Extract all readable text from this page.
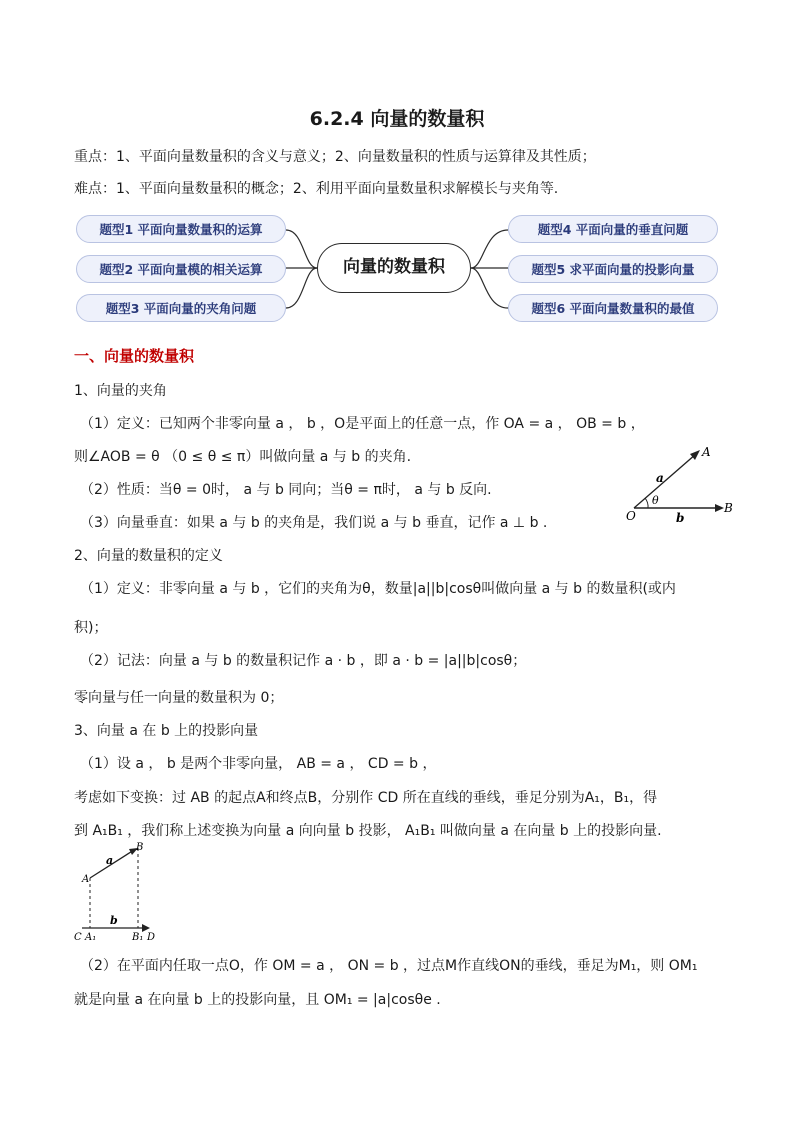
6.2.4 向量的数量积
重点：1、平面向量数量积的含义与意义；2、向量数量积的性质与运算律及其性质；
难点：1、平面向量数量积的概念；2、利用平面向量数量积求解模长与夹角等.
题型1 平面向量数量积的运算
题型2 平面向量模的相关运算
题型3 平面向量的夹角问题
向量的数量积
题型4 平面向量的垂直问题
题型5 求平面向量的投影向量
题型6 平面向量数量积的最值
一、向量的数量积
1、向量的夹角
（1）定义：已知两个非零向量 a ， b ，O是平面上的任意一点，作 OA = a ， OB = b ，
则∠AOB = θ （0 ≤ θ ≤ π）叫做向量 a 与 b 的夹角.
（2）性质：当θ = 0时， a 与 b 同向；当θ = π时， a 与 b 反向.
（3）向量垂直：如果 a 与 b 的夹角是，我们说 a 与 b 垂直，记作 a ⊥ b .
A
B
O
a
b
θ
2、向量的数量积的定义
（1）定义：非零向量 a 与 b ，它们的夹角为θ，数量|a||b|cosθ叫做向量 a 与 b 的数量积(或内
积)；
（2）记法：向量 a 与 b 的数量积记作 a · b ，即 a · b = |a||b|cosθ；
零向量与任一向量的数量积为 0；
3、向量 a 在 b 上的投影向量
（1）设 a ， b 是两个非零向量， AB = a ， CD = b ，
考虑如下变换：过 AB 的起点A和终点B，分别作 CD 所在直线的垂线，垂足分别为A₁，B₁，得
到 A₁B₁ ，我们称上述变换为向量 a 向向量 b 投影， A₁B₁ 叫做向量 a 在向量 b 上的投影向量.
A
B
C A₁	B₁ D
a
b
（2）在平面内任取一点O，作 OM = a ， ON = b ，过点M作直线ON的垂线，垂足为M₁，则 OM₁
就是向量 a 在向量 b 上的投影向量，且 OM₁ = |a|cosθe .
